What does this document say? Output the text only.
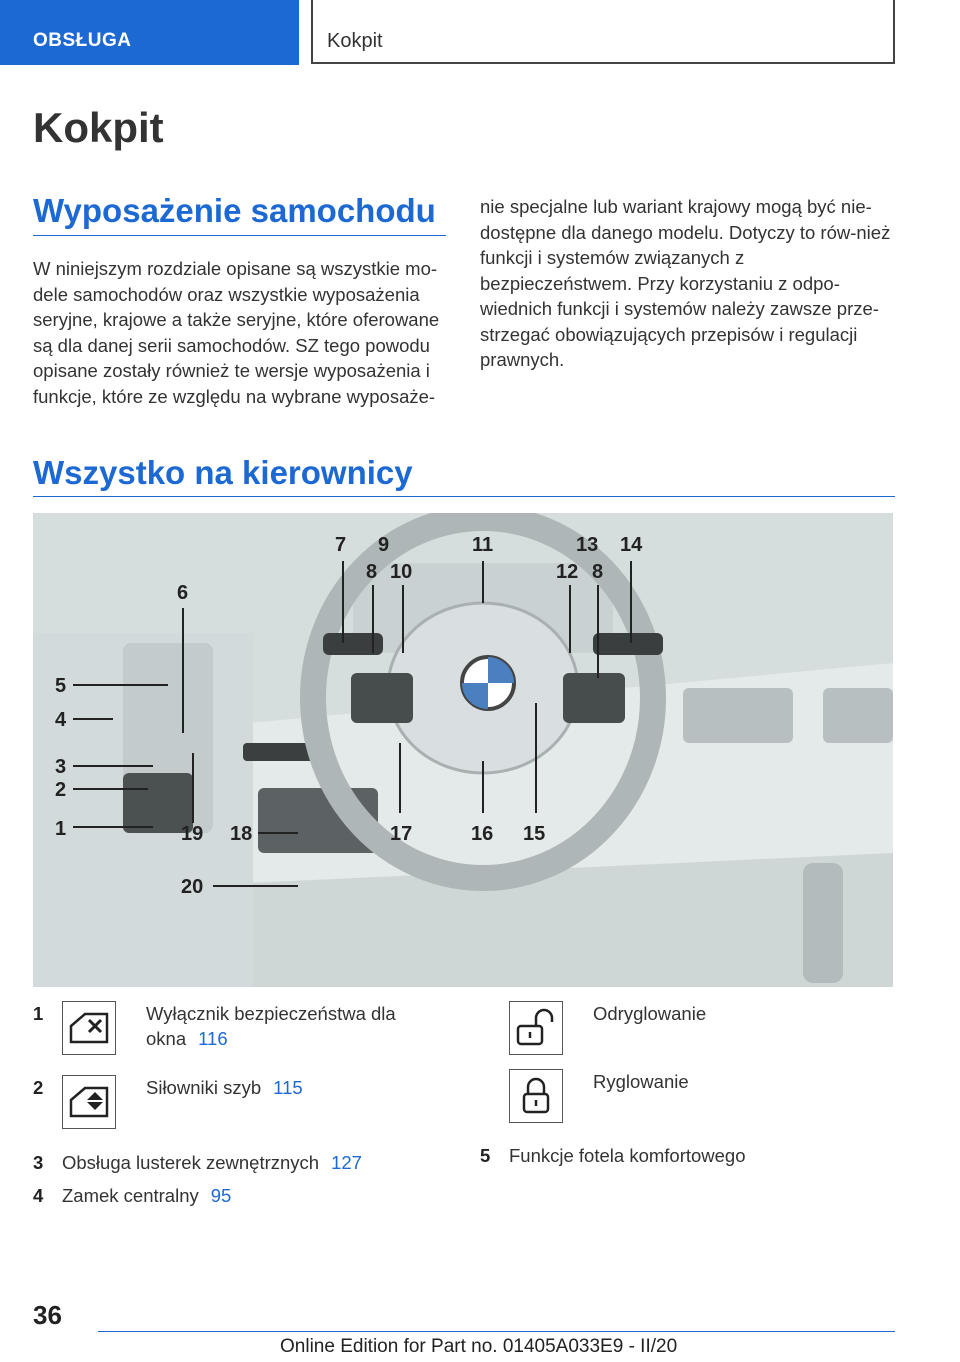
OBSŁUGA	Kokpit
Kokpit
Wyposażenie samochodu
W niniejszym rozdziale opisane są wszystkie mo-dele samochodów oraz wszystkie wyposażenia seryjne, krajowe a także seryjne, które oferowane są dla danej serii samochodów. SZ tego powodu opisane zostały również te wersje wyposażenia i funkcje, które ze względu na wybrane wyposaże-
nie specjalne lub wariant krajowy mogą być nie-dostępne dla danego modelu. Dotyczy to rów-nież funkcji i systemów związanych z bezpieczeństwem. Przy korzystaniu z odpo-wiednich funkcji i systemów należy zawsze prze-strzegać obowiązujących przepisów i regulacji prawnych.
Wszystko na kierownicy
1
2
3
4
5
6
7
8
9
10
11
12
13 14
8
15
16
17
18
19
20
1	Wyłącznik bezpieczeństwa dla okna 116
2	Siłowniki szyb 115
3 Obsługa lusterek zewnętrznych 127
4 Zamek centralny 95
Odryglowanie
Ryglowanie
5 Funkcje fotela komfortowego
36
Online Edition for Part no. 01405A033E9 - II/20
